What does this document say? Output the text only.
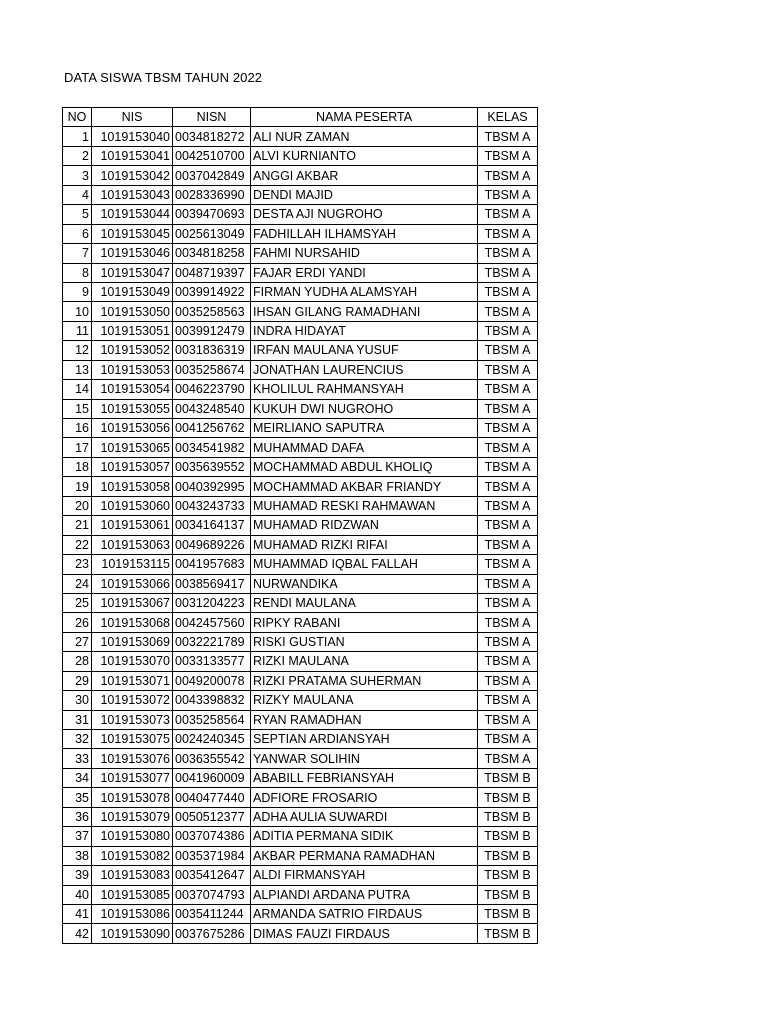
DATA SISWA TBSM TAHUN 2022
NO	NIS	NISN	NAMA PESERTA	KELAS
1	1019153040	0034818272	ALI NUR ZAMAN	TBSM A
2	1019153041	0042510700	ALVI KURNIANTO	TBSM A
3	1019153042	0037042849	ANGGI AKBAR	TBSM A
4	1019153043	0028336990	DENDI MAJID	TBSM A
5	1019153044	0039470693	DESTA AJI NUGROHO	TBSM A
6	1019153045	0025613049	FADHILLAH ILHAMSYAH	TBSM A
7	1019153046	0034818258	FAHMI NURSAHID	TBSM A
8	1019153047	0048719397	FAJAR ERDI YANDI	TBSM A
9	1019153049	0039914922	FIRMAN YUDHA ALAMSYAH	TBSM A
10	1019153050	0035258563	IHSAN GILANG RAMADHANI	TBSM A
11	1019153051	0039912479	INDRA HIDAYAT	TBSM A
12	1019153052	0031836319	IRFAN MAULANA YUSUF	TBSM A
13	1019153053	0035258674	JONATHAN LAURENCIUS	TBSM A
14	1019153054	0046223790	KHOLILUL RAHMANSYAH	TBSM A
15	1019153055	0043248540	KUKUH DWI NUGROHO	TBSM A
16	1019153056	0041256762	MEIRLIANO SAPUTRA	TBSM A
17	1019153065	0034541982	MUHAMMAD DAFA	TBSM A
18	1019153057	0035639552	MOCHAMMAD ABDUL KHOLIQ	TBSM A
19	1019153058	0040392995	MOCHAMMAD AKBAR FRIANDY	TBSM A
20	1019153060	0043243733	MUHAMAD RESKI RAHMAWAN	TBSM A
21	1019153061	0034164137	MUHAMAD RIDZWAN	TBSM A
22	1019153063	0049689226	MUHAMAD RIZKI RIFAI	TBSM A
23	1019153115	0041957683	MUHAMMAD IQBAL FALLAH	TBSM A
24	1019153066	0038569417	NURWANDIKA	TBSM A
25	1019153067	0031204223	RENDI MAULANA	TBSM A
26	1019153068	0042457560	RIPKY RABANI	TBSM A
27	1019153069	0032221789	RISKI GUSTIAN	TBSM A
28	1019153070	0033133577	RIZKI MAULANA	TBSM A
29	1019153071	0049200078	RIZKI PRATAMA SUHERMAN	TBSM A
30	1019153072	0043398832	RIZKY MAULANA	TBSM A
31	1019153073	0035258564	RYAN RAMADHAN	TBSM A
32	1019153075	0024240345	SEPTIAN ARDIANSYAH	TBSM A
33	1019153076	0036355542	YANWAR SOLIHIN	TBSM A
34	1019153077	0041960009	ABABILL FEBRIANSYAH	TBSM B
35	1019153078	0040477440	ADFIORE FROSARIO	TBSM B
36	1019153079	0050512377	ADHA AULIA SUWARDI	TBSM B
37	1019153080	0037074386	ADITIA PERMANA SIDIK	TBSM B
38	1019153082	0035371984	AKBAR PERMANA RAMADHAN	TBSM B
39	1019153083	0035412647	ALDI FIRMANSYAH	TBSM B
40	1019153085	0037074793	ALPIANDI ARDANA PUTRA	TBSM B
41	1019153086	0035411244	ARMANDA SATRIO FIRDAUS	TBSM B
42	1019153090	0037675286	DIMAS FAUZI FIRDAUS	TBSM B
